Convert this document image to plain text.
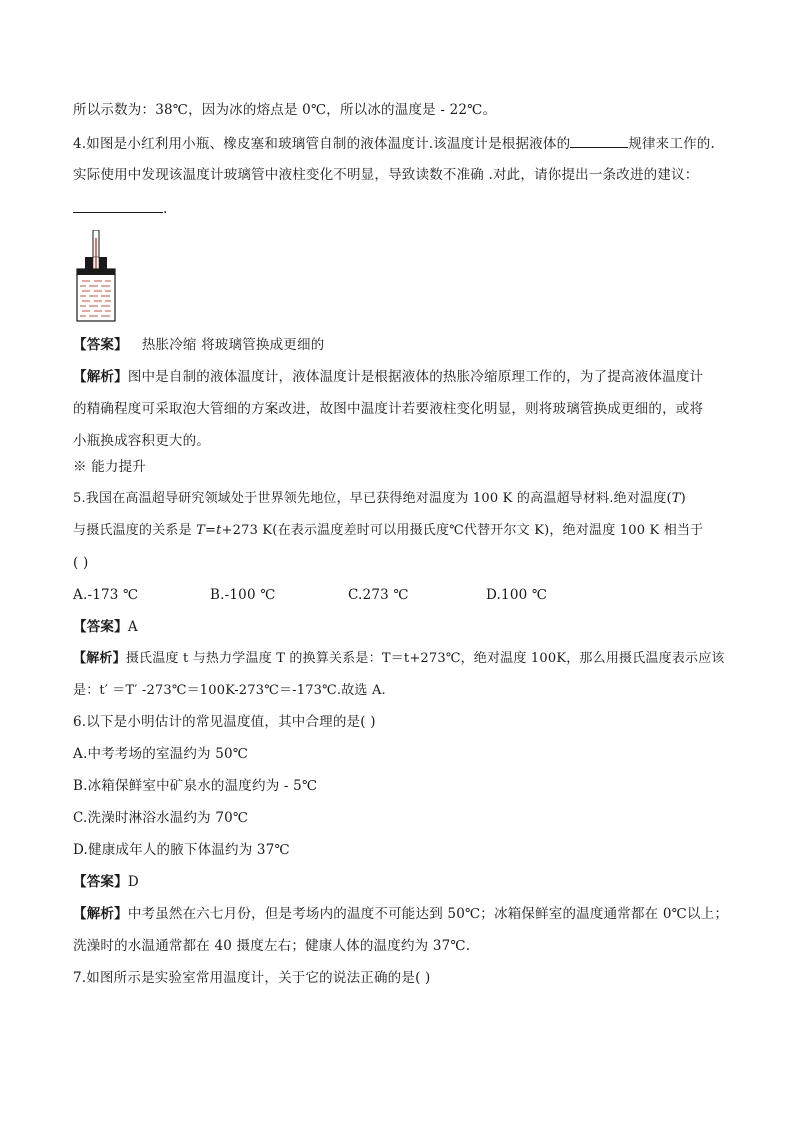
所以示数为：38℃，因为冰的熔点是 0℃，所以冰的温度是 - 22℃。
4.如图是小红利用小瓶、橡皮塞和玻璃管自制的液体温度计.该温度计是根据液体的	规律来工作的.
实际使用中发现该温度计玻璃管中液柱变化不明显，导致读数不准确 .对此，请你提出一条改进的建议：
.
【答案】 热胀冷缩 将玻璃管换成更细的
【解析】图中是自制的液体温度计，液体温度计是根据液体的热胀冷缩原理工作的，为了提高液体温度计
的精确程度可采取泡大管细的方案改进，故图中温度计若要液柱变化明显，则将玻璃管换成更细的，或将
小瓶换成容积更大的。
※ 能力提升
5.我国在高温超导研究领域处于世界领先地位，早已获得绝对温度为 100 K 的高温超导材料.绝对温度(T)
与摄氏温度的关系是 T=t+273 K(在表示温度差时可以用摄氏度℃代替开尔文 K)，绝对温度 100 K 相当于
( )
A.-173 ℃	B.-100 ℃	C.273 ℃	D.100 ℃
【答案】A
【解析】摄氏温度 t 与热力学温度 T 的换算关系是：T＝t+273℃，绝对温度 100K，那么用摄氏温度表示应该
是：t′ ＝T′ -273℃＝100K-273℃＝-173℃.故选 A.
6.以下是小明估计的常见温度值，其中合理的是( )
A.中考考场的室温约为 50℃
B.冰箱保鲜室中矿泉水的温度约为 - 5℃
C.洗澡时淋浴水温约为 70℃
D.健康成年人的腋下体温约为 37℃
【答案】D
【解析】中考虽然在六七月份，但是考场内的温度不可能达到 50℃；冰箱保鲜室的温度通常都在 0℃以上；
洗澡时的水温通常都在 40 摄度左右；健康人体的温度约为 37℃.
7.如图所示是实验室常用温度计，关于它的说法正确的是( )
